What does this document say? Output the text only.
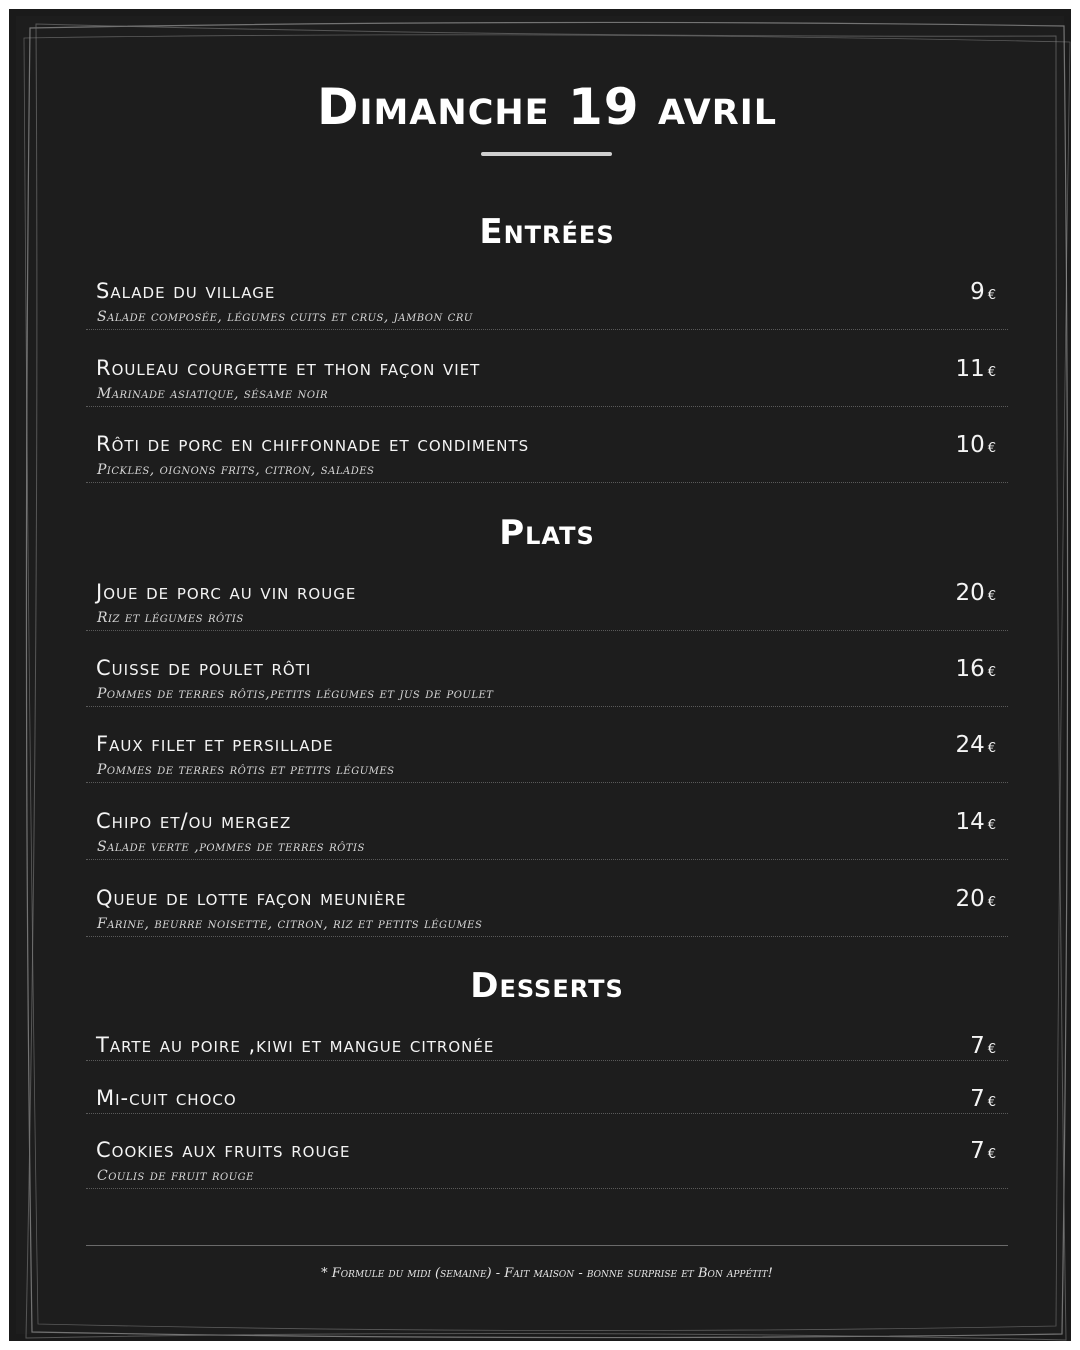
Dimanche 19 avril
Entrées
Salade du village	9 €
Salade composée, légumes cuits et crus, jambon cru
Rouleau courgette et thon façon viet	11 €
Marinade asiatique, sésame noir
Rôti de porc en chiffonnade et condiments	10 €
Pickles, oignons frits, citron, salades
Plats
Joue de porc au vin rouge	20 €
Riz et légumes rôtis
Cuisse de poulet rôti	16 €
Pommes de terres rôtis,petits légumes et jus de poulet
Faux filet et persillade	24 €
Pommes de terres rôtis et petits légumes
Chipo et/ou mergez	14 €
Salade verte ,pommes de terres rôtis
Queue de lotte façon meunière	20 €
Farine, beurre noisette, citron, riz et petits légumes
Desserts
Tarte au poire ,kiwi et mangue citronée	7 €
Mi-cuit choco	7 €
Cookies aux fruits rouge	7 €
Coulis de fruit rouge
* Formule du midi (semaine) - Fait maison - bonne surprise et Bon appétit!
